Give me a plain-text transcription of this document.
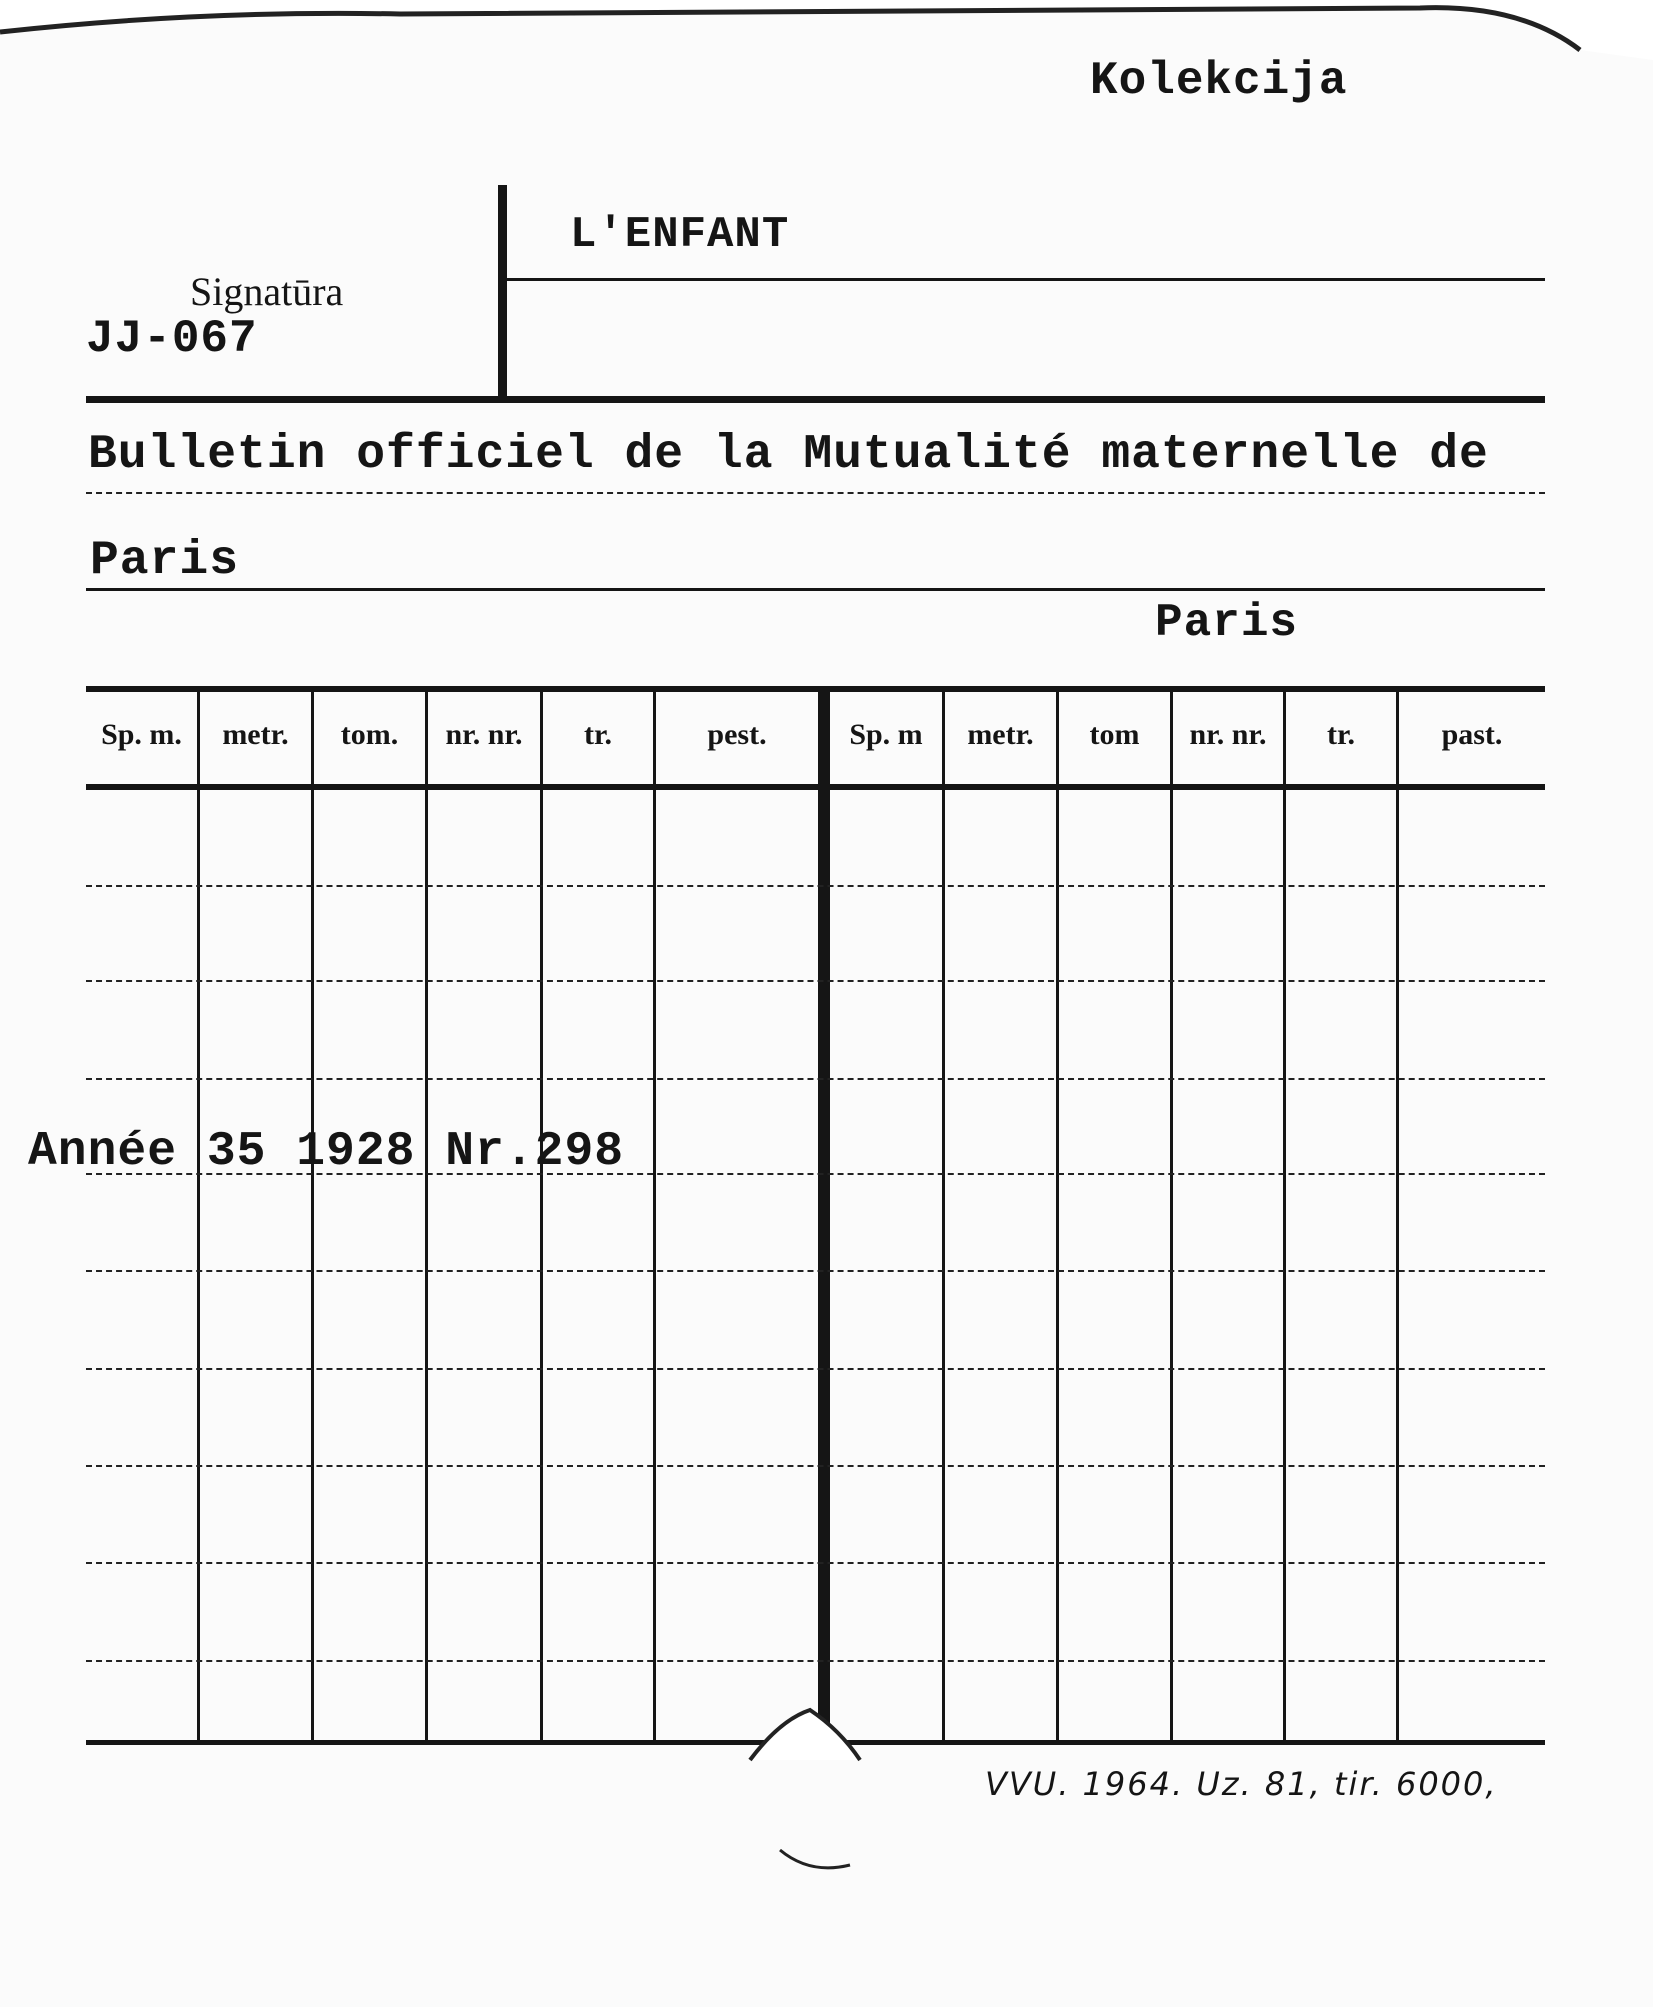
Kolekcija
Signatūra
JJ-067
L'ENFANT
Bulletin officiel de la Mutualité maternelle de
Paris
Paris
Sp. m.	metr.	tom.	nr. nr.	tr.	pest.	Sp. m	metr.	tom	nr. nr.	tr.	past.
Année 35 1928 Nr.298
VVU. 1964. Uz. 81, tir. 6000,
